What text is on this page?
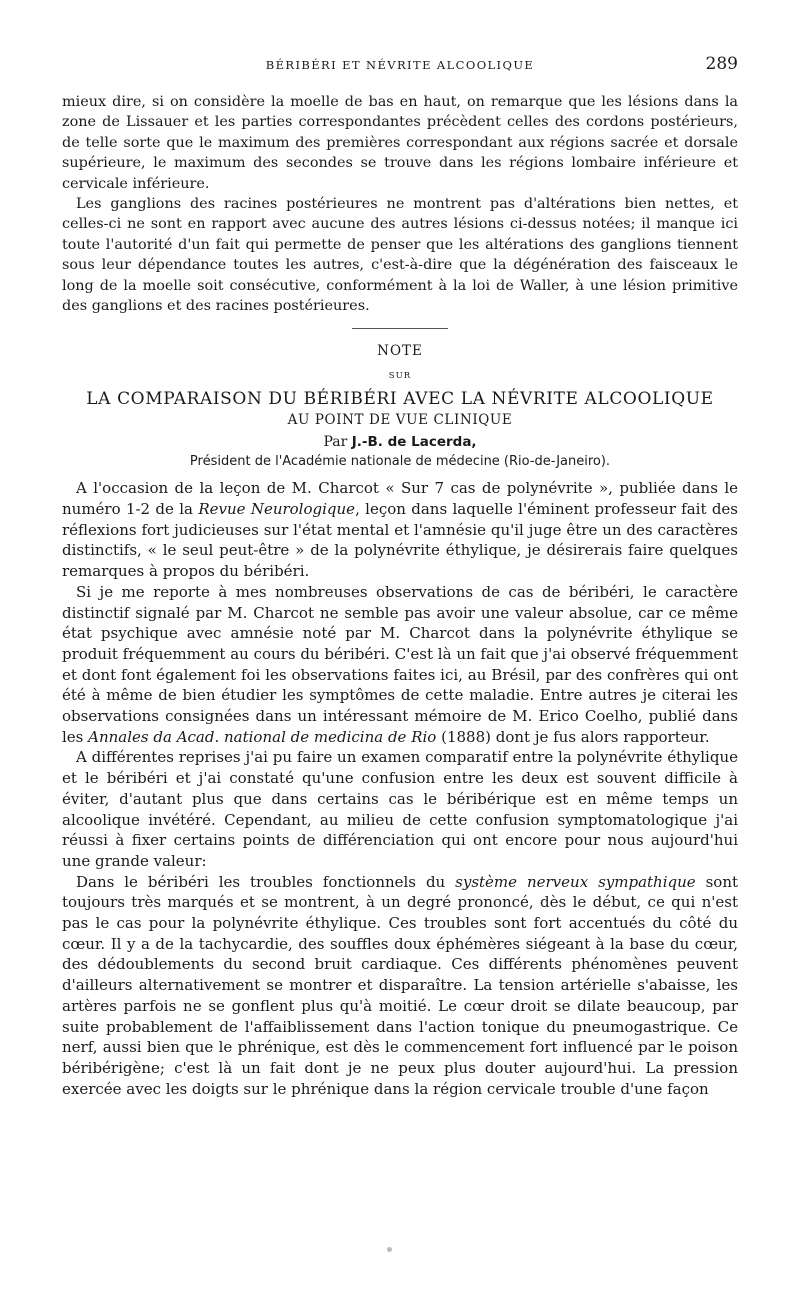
BÉRIBÉRI ET NÉVRITE ALCOOLIQUE	289

mieux dire, si on considère la moelle de bas en haut, on remarque que les lésions dans la zone de Lissauer et les parties correspondantes précèdent celles des cordons postérieurs, de telle sorte que le maximum des premières correspondant aux régions sacrée et dorsale supérieure, le maximum des secondes se trouve dans les régions lombaire inférieure et cervicale inférieure.

Les ganglions des racines postérieures ne montrent pas d'altérations bien nettes, et celles-ci ne sont en rapport avec aucune des autres lésions ci-dessus notées; il manque ici toute l'autorité d'un fait qui permette de penser que les altérations des ganglions tiennent sous leur dépendance toutes les autres, c'est-à-dire que la dégénération des faisceaux le long de la moelle soit consécutive, conformément à la loi de Waller, à une lésion primitive des ganglions et des racines postérieures.

NOTE
SUR
LA COMPARAISON DU BÉRIBÉRI AVEC LA NÉVRITE ALCOOLIQUE
AU POINT DE VUE CLINIQUE
Par J.-B. de Lacerda,
Président de l'Académie nationale de médecine (Rio-de-Janeiro).

A l'occasion de la leçon de M. Charcot « Sur 7 cas de polynévrite », publiée dans le numéro 1-2 de la Revue Neurologique, leçon dans laquelle l'éminent professeur fait des réflexions fort judicieuses sur l'état mental et l'amnésie qu'il juge être un des caractères distinctifs, « le seul peut-être » de la polynévrite éthylique, je désirerais faire quelques remarques à propos du béribéri.

Si je me reporte à mes nombreuses observations de cas de béribéri, le caractère distinctif signalé par M. Charcot ne semble pas avoir une valeur absolue, car ce même état psychique avec amnésie noté par M. Charcot dans la polynévrite éthylique se produit fréquemment au cours du béribéri. C'est là un fait que j'ai observé fréquemment et dont font également foi les observations faites ici, au Brésil, par des confrères qui ont été à même de bien étudier les symptômes de cette maladie. Entre autres je citerai les observations consignées dans un intéressant mémoire de M. Erico Coelho, publié dans les Annales da Acad. national de medicina de Rio (1888) dont je fus alors rapporteur.

A différentes reprises j'ai pu faire un examen comparatif entre la polynévrite éthylique et le béribéri et j'ai constaté qu'une confusion entre les deux est souvent difficile à éviter, d'autant plus que dans certains cas le béribérique est en même temps un alcoolique invétéré. Cependant, au milieu de cette confusion symptomatologique j'ai réussi à fixer certains points de différenciation qui ont encore pour nous aujourd'hui une grande valeur:

Dans le béribéri les troubles fonctionnels du système nerveux sympathique sont toujours très marqués et se montrent, à un degré prononcé, dès le début, ce qui n'est pas le cas pour la polynévrite éthylique. Ces troubles sont fort accentués du côté du cœur. Il y a de la tachycardie, des souffles doux éphémères siégeant à la base du cœur, des dédoublements du second bruit cardiaque. Ces différents phénomènes peuvent d'ailleurs alternativement se montrer et disparaître. La tension artérielle s'abaisse, les artères parfois ne se gonflent plus qu'à moitié. Le cœur droit se dilate beaucoup, par suite probablement de l'affaiblissement dans l'action tonique du pneumogastrique. Ce nerf, aussi bien que le phrénique, est dès le commencement fort influencé par le poison béribérigène; c'est là un fait dont je ne peux plus douter aujourd'hui. La pression exercée avec les doigts sur le phrénique dans la région cervicale trouble d'une façon
